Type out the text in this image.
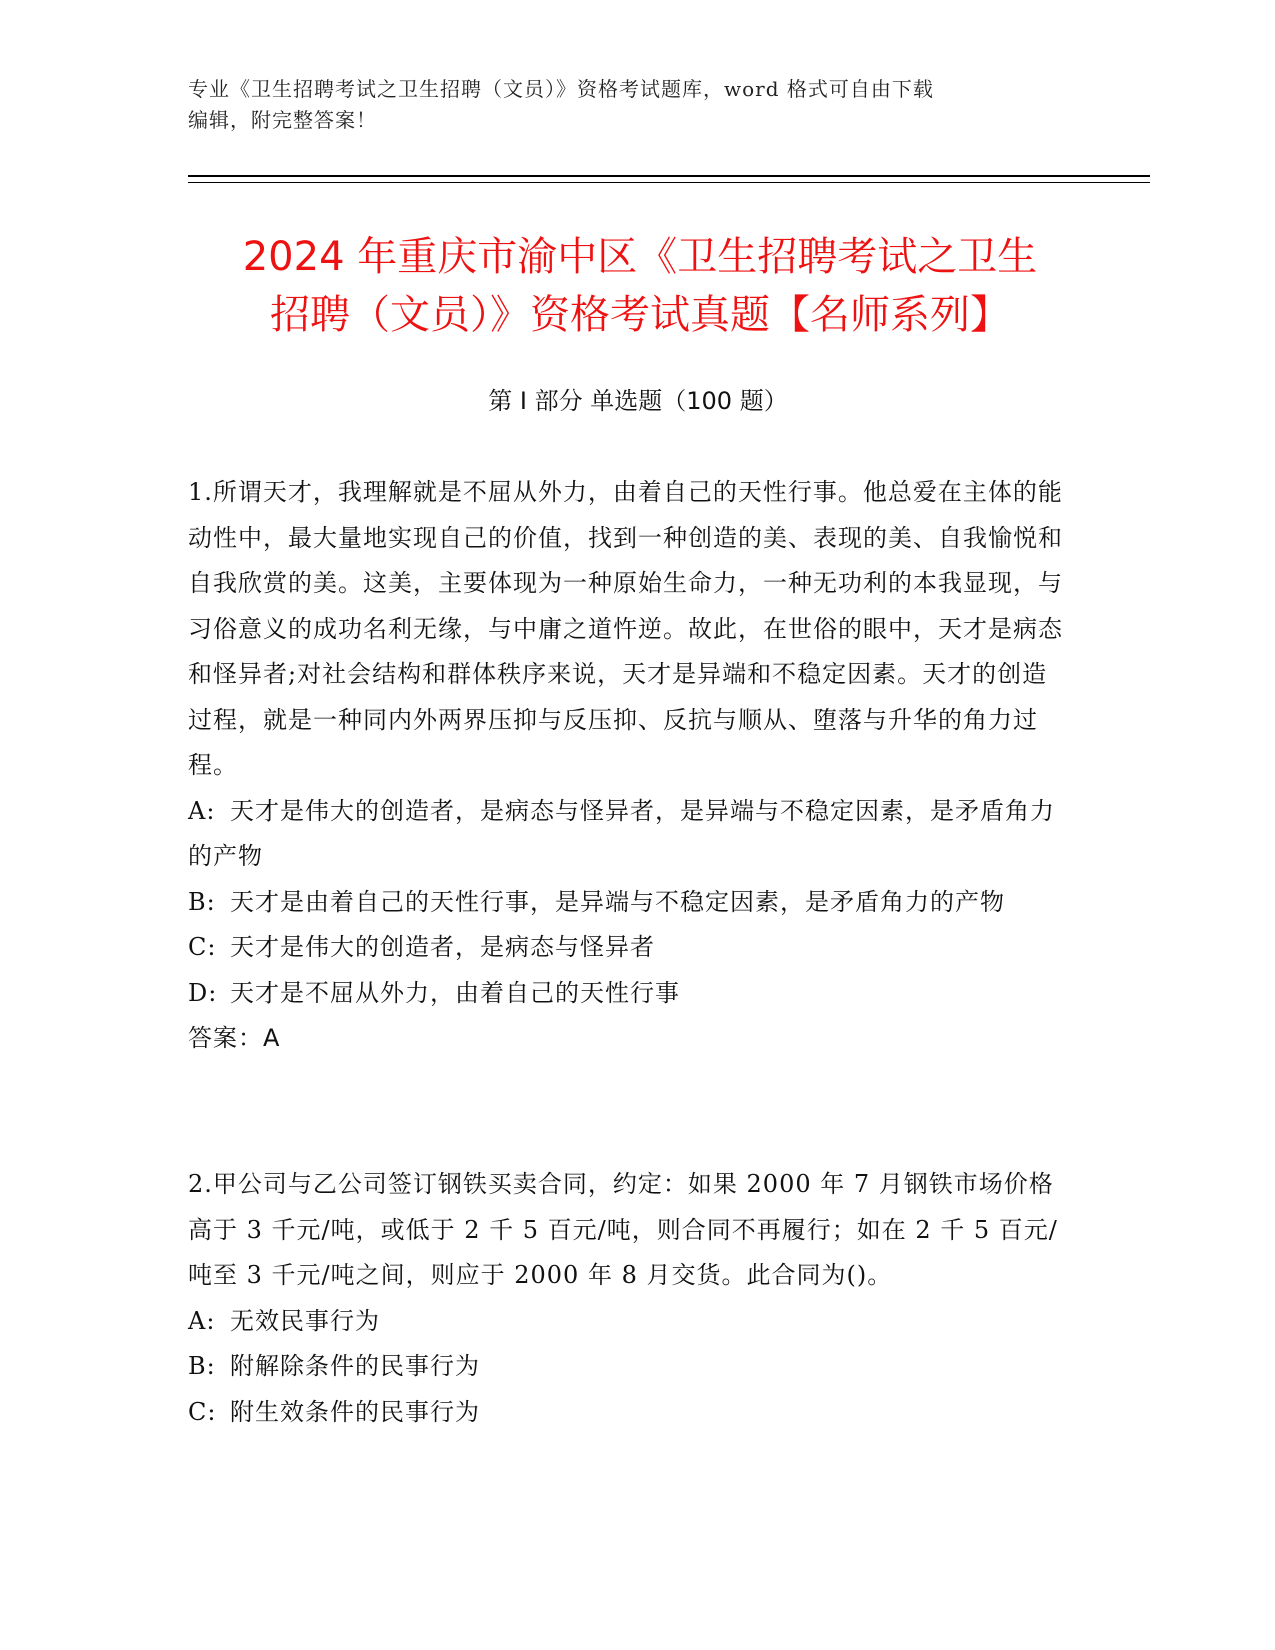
专业《卫生招聘考试之卫生招聘（文员）》资格考试题库，word 格式可自由下载
编辑，附完整答案！
2024 年重庆市渝中区《卫生招聘考试之卫生
招聘（文员）》资格考试真题【名师系列】
第 I 部分 单选题（100 题）

1.所谓天才，我理解就是不屈从外力，由着自己的天性行事。他总爱在主体的能动性中，最大量地实现自己的价值，找到一种创造的美、表现的美、自我愉悦和自我欣赏的美。这美，主要体现为一种原始生命力，一种无功利的本我显现，与习俗意义的成功名利无缘，与中庸之道忤逆。故此，在世俗的眼中，天才是病态和怪异者;对社会结构和群体秩序来说，天才是异端和不稳定因素。天才的创造过程，就是一种同内外两界压抑与反压抑、反抗与顺从、堕落与升华的角力过程。

A: 天才是伟大的创造者，是病态与怪异者，是异端与不稳定因素，是矛盾角力的产物

B: 天才是由着自己的天性行事，是异端与不稳定因素，是矛盾角力的产物

C: 天才是伟大的创造者，是病态与怪异者

D: 天才是不屈从外力，由着自己的天性行事

答案：A

2.甲公司与乙公司签订钢铁买卖合同，约定：如果 2000 年 7 月钢铁市场价格高于 3 千元/吨，或低于 2 千 5 百元/吨，则合同不再履行；如在 2 千 5 百元/吨至 3 千元/吨之间，则应于 2000 年 8 月交货。此合同为()。

A: 无效民事行为

B: 附解除条件的民事行为

C: 附生效条件的民事行为
